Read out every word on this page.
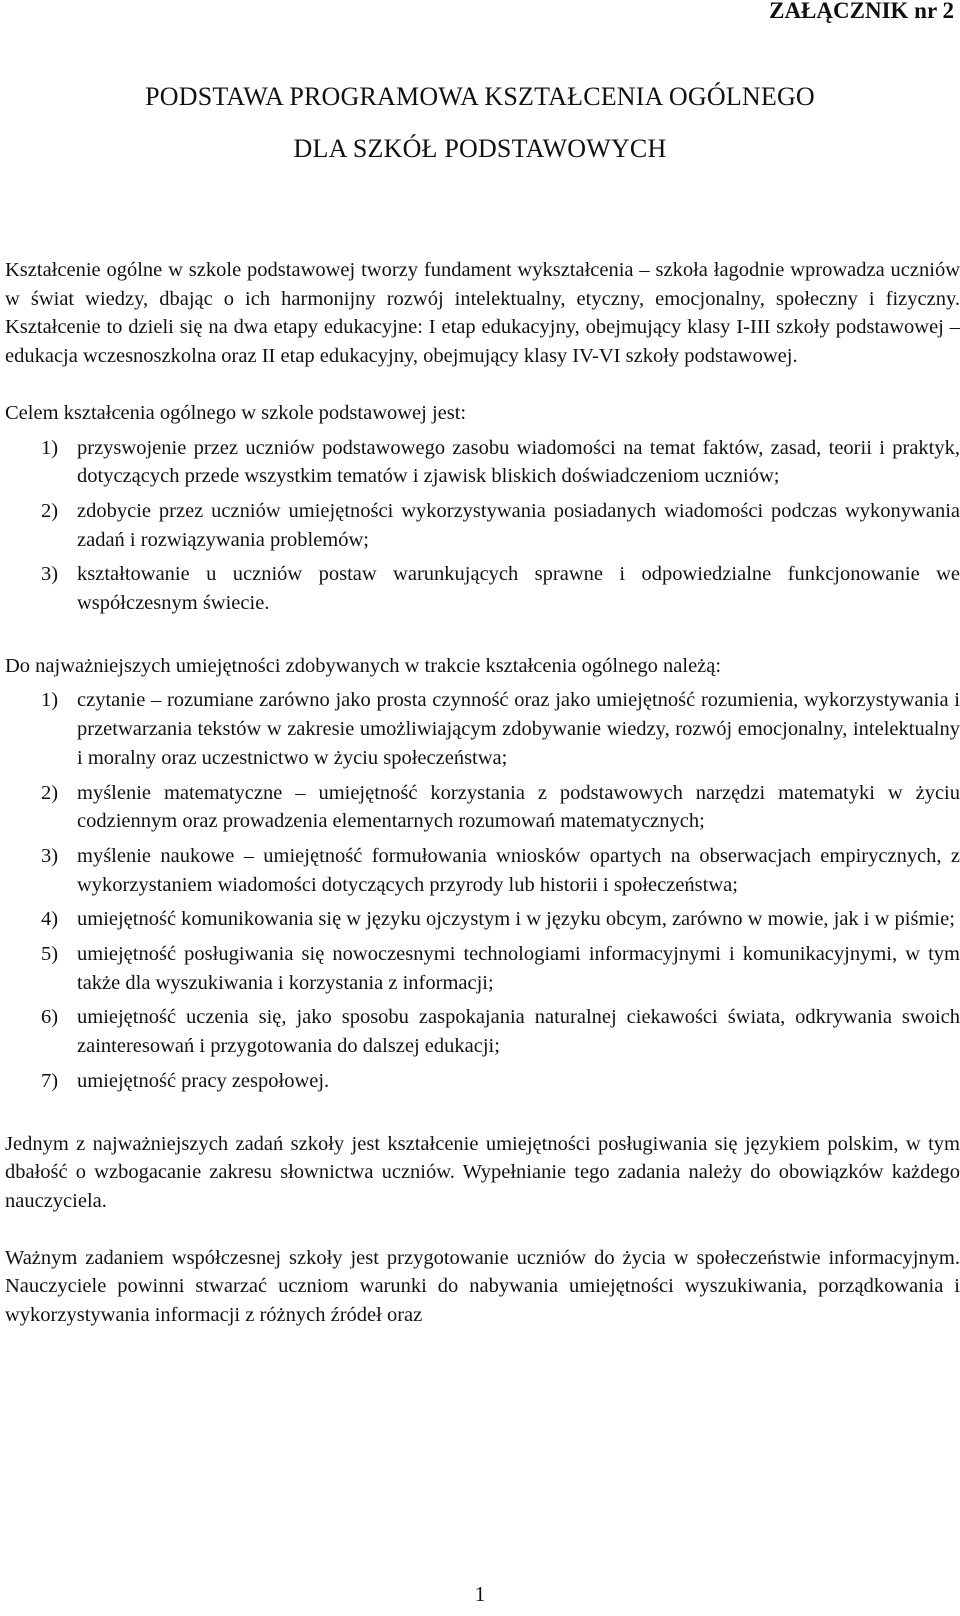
ZAŁĄCZNIK nr 2

PODSTAWA PROGRAMOWA KSZTAŁCENIA OGÓLNEGO
DLA SZKÓŁ PODSTAWOWYCH

Kształcenie ogólne w szkole podstawowej tworzy fundament wykształcenia – szkoła łagodnie wprowadza uczniów w świat wiedzy, dbając o ich harmonijny rozwój intelektualny, etyczny, emocjonalny, społeczny i fizyczny. Kształcenie to dzieli się na dwa etapy edukacyjne: I etap edukacyjny, obejmujący klasy I-III szkoły podstawowej – edukacja wczesnoszkolna oraz II etap edukacyjny, obejmujący klasy IV-VI szkoły podstawowej.

Celem kształcenia ogólnego w szkole podstawowej jest:

1) przyswojenie przez uczniów podstawowego zasobu wiadomości na temat faktów, zasad, teorii i praktyk, dotyczących przede wszystkim tematów i zjawisk bliskich doświadczeniom uczniów;
2) zdobycie przez uczniów umiejętności wykorzystywania posiadanych wiadomości podczas wykonywania zadań i rozwiązywania problemów;
3) kształtowanie u uczniów postaw warunkujących sprawne i odpowiedzialne funkcjonowanie we współczesnym świecie.

Do najważniejszych umiejętności zdobywanych w trakcie kształcenia ogólnego należą:

1) czytanie – rozumiane zarówno jako prosta czynność oraz jako umiejętność rozumienia, wykorzystywania i przetwarzania tekstów w zakresie umożliwiającym zdobywanie wiedzy, rozwój emocjonalny, intelektualny i moralny oraz uczestnictwo w życiu społeczeństwa;
2) myślenie matematyczne – umiejętność korzystania z podstawowych narzędzi matematyki w życiu codziennym oraz prowadzenia elementarnych rozumowań matematycznych;
3) myślenie naukowe – umiejętność formułowania wniosków opartych na obserwacjach empirycznych, z wykorzystaniem wiadomości dotyczących przyrody lub historii i społeczeństwa;
4) umiejętność komunikowania się w języku ojczystym i w języku obcym, zarówno w mowie, jak i w piśmie;
5) umiejętność posługiwania się nowoczesnymi technologiami informacyjnymi i komunikacyjnymi, w tym także dla wyszukiwania i korzystania z informacji;
6) umiejętność uczenia się, jako sposobu zaspokajania naturalnej ciekawości świata, odkrywania swoich zainteresowań i przygotowania do dalszej edukacji;
7) umiejętność pracy zespołowej.

Jednym z najważniejszych zadań szkoły jest kształcenie umiejętności posługiwania się językiem polskim, w tym dbałość o wzbogacanie zakresu słownictwa uczniów. Wypełnianie tego zadania należy do obowiązków każdego nauczyciela.

Ważnym zadaniem współczesnej szkoły jest przygotowanie uczniów do życia w społeczeństwie informacyjnym. Nauczyciele powinni stwarzać uczniom warunki do nabywania umiejętności wyszukiwania, porządkowania i wykorzystywania informacji z różnych źródeł oraz

1
